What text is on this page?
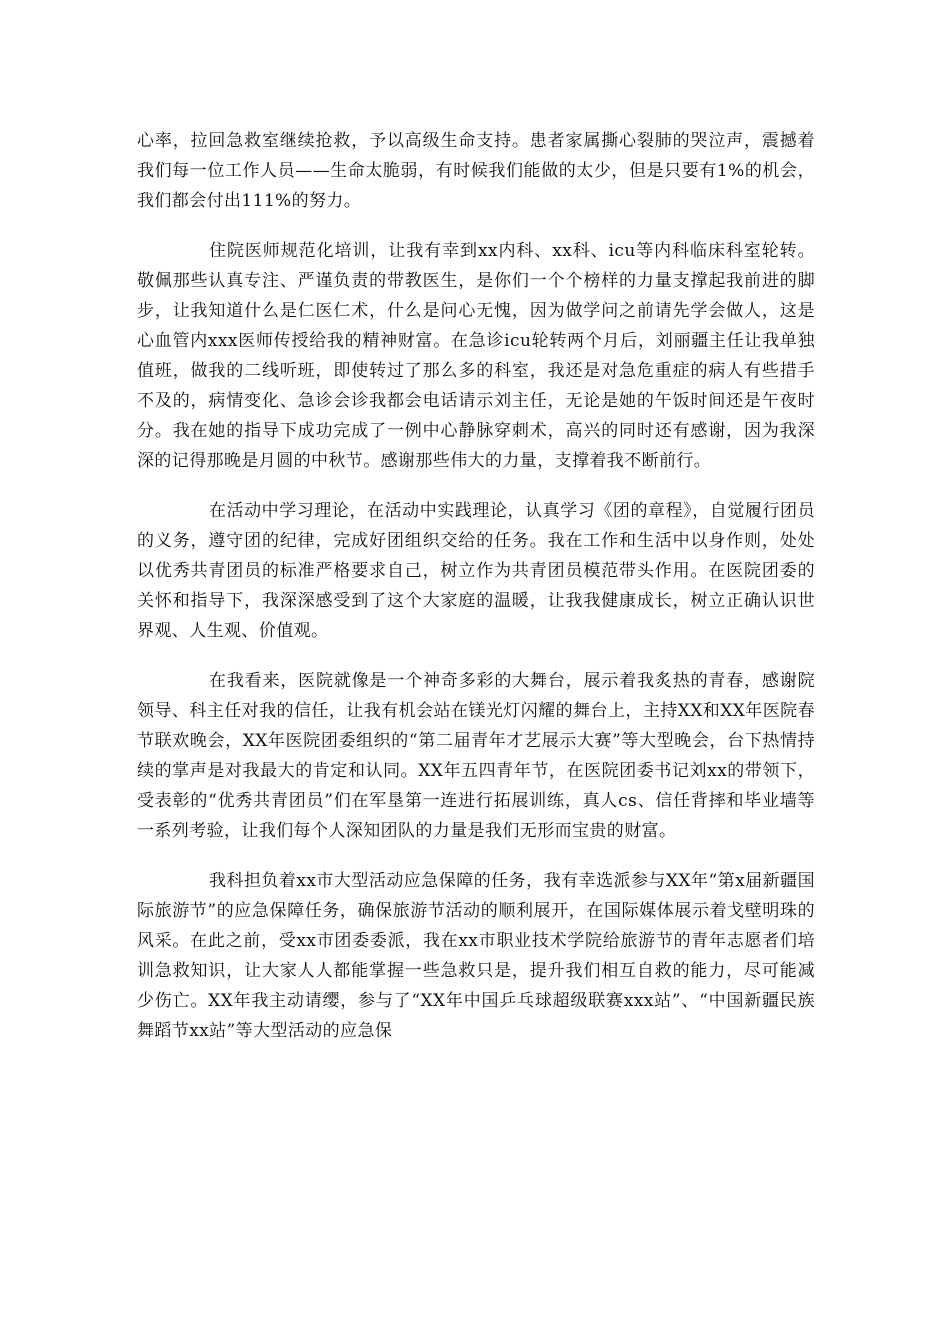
心率，拉回急救室继续抢救，予以高级生命支持。患者家属撕心裂肺的哭泣声，震撼着我们每一位工作人员——生命太脆弱，有时候我们能做的太少，但是只要有1%的机会，我们都会付出111%的努力。

住院医师规范化培训，让我有幸到xx内科、xx科、icu等内科临床科室轮转。敬佩那些认真专注、严谨负责的带教医生，是你们一个个榜样的力量支撑起我前进的脚步，让我知道什么是仁医仁术，什么是问心无愧，因为做学问之前请先学会做人，这是心血管内xxx医师传授给我的精神财富。在急诊icu轮转两个月后，刘丽疆主任让我单独值班，做我的二线听班，即使转过了那么多的科室，我还是对急危重症的病人有些措手不及的，病情变化、急诊会诊我都会电话请示刘主任，无论是她的午饭时间还是午夜时分。我在她的指导下成功完成了一例中心静脉穿刺术，高兴的同时还有感谢，因为我深深的记得那晚是月圆的中秋节。感谢那些伟大的力量，支撑着我不断前行。

在活动中学习理论，在活动中实践理论，认真学习《团的章程》，自觉履行团员的义务，遵守团的纪律，完成好团组织交给的任务。我在工作和生活中以身作则，处处以优秀共青团员的标准严格要求自己，树立作为共青团员模范带头作用。在医院团委的关怀和指导下，我深深感受到了这个大家庭的温暖，让我我健康成长，树立正确认识世界观、人生观、价值观。

在我看来，医院就像是一个神奇多彩的大舞台，展示着我炙热的青春，感谢院领导、科主任对我的信任，让我有机会站在镁光灯闪耀的舞台上，主持XX和XX年医院春节联欢晚会，XX年医院团委组织的“第二届青年才艺展示大赛”等大型晚会，台下热情持续的掌声是对我最大的肯定和认同。XX年五四青年节，在医院团委书记刘xx的带领下，受表彰的“优秀共青团员”们在军垦第一连进行拓展训练，真人cs、信任背摔和毕业墙等一系列考验，让我们每个人深知团队的力量是我们无形而宝贵的财富。

我科担负着xx市大型活动应急保障的任务，我有幸选派参与XX年“第x届新疆国际旅游节”的应急保障任务，确保旅游节活动的顺利展开，在国际媒体展示着戈壁明珠的风采。在此之前，受xx市团委委派，我在xx市职业技术学院给旅游节的青年志愿者们培训急救知识，让大家人人都能掌握一些急救只是，提升我们相互自救的能力，尽可能减少伤亡。XX年我主动请缨，参与了“XX年中国乒乓球超级联赛xxx站”、“中国新疆民族舞蹈节xx站”等大型活动的应急保
